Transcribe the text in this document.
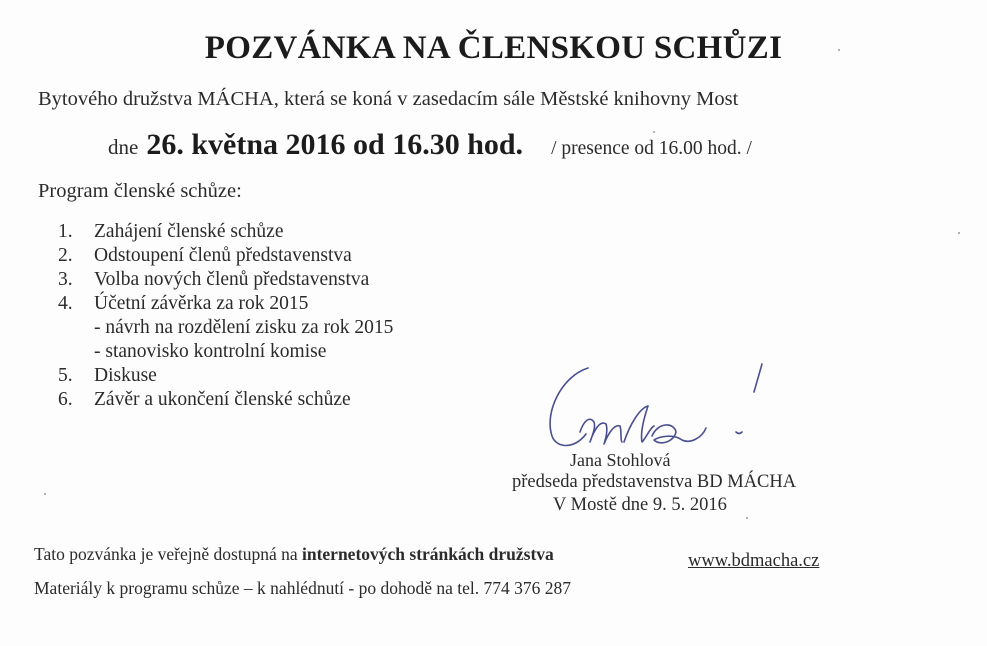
POZVÁNKA NA ČLENSKOU SCHŮZI
Bytového družstva MÁCHA, která se koná v zasedacím sále Městské knihovny Most
dne 26. května 2016 od 16.30 hod. / presence od 16.00 hod. /
Program členské schůze:
1.	Zahájení členské schůze
2.	Odstoupení členů představenstva
3.	Volba nových členů představenstva
4.	Účetní závěrka za rok 2015
- návrh na rozdělení zisku za rok 2015
- stanovisko kontrolní komise
5.	Diskuse
6.	Závěr a ukončení členské schůze
Jana Stohlová
předseda představenstva BD MÁCHA
V Mostě dne 9. 5. 2016
Tato pozvánka je veřejně dostupná na internetových stránkách družstva	www.bdmacha.cz
Materiály k programu schůze – k nahlédnutí - po dohodě na tel. 774 376 287
